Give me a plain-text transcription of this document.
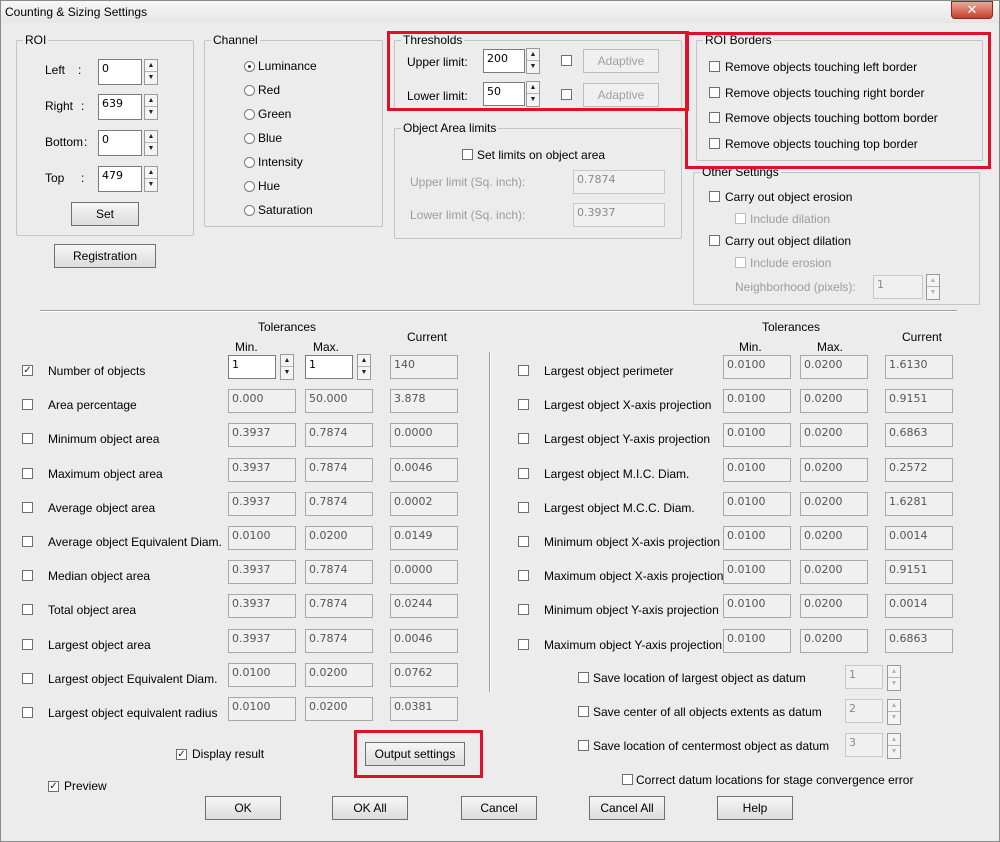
Counting & Sizing Settings	✕
ROI
Left :	0	▲
▼
Right :	639	▲
▼
Bottom :	0	▲
▼
Top :	479	▲
▼
Set
Registration
Channel
Luminance
Red
Green
Blue
Intensity
Hue
Saturation
Thresholds
Upper limit:	200	▲
▼	Adaptive
Lower limit:	50	▲
▼	Adaptive
Object Area limits
Set limits on object area
Upper limit (Sq. inch):	0.7874
Lower limit (Sq. inch):	0.3937
ROI Borders
Remove objects touching left border
Remove objects touching right border
Remove objects touching bottom border
Remove objects touching top border
Other Settings
Carry out object erosion
Include dilation
Carry out object dilation
Include erosion
Neighborhood (pixels):	1	▲
▼
Tolerances
Min.	Max.
Current
Tolerances
Min.	Max.
Current
✓ Number of objects	1	▲
▼
1	▲
▼
140
Area percentage	0.000	50.000	3.878
Minimum object area	0.3937	0.7874	0.0000
Maximum object area	0.3937	0.7874	0.0046
Average object area	0.3937	0.7874	0.0002
Average object Equivalent Diam. 0.0100	0.0200	0.0149
Median object area	0.3937	0.7874	0.0000
Total object area	0.3937	0.7874	0.0244
Largest object area	0.3937	0.7874	0.0046
Largest object Equivalent Diam.	0.0100	0.0200	0.0762
Largest object equivalent radius	0.0100	0.0200	0.0381
Largest object perimeter	0.0100	0.0200	1.6130
Largest object X-axis projection	0.0100	0.0200	0.9151
Largest object Y-axis projection	0.0100	0.0200	0.6863
Largest object M.I.C. Diam.	0.0100	0.0200	0.2572
Largest object M.C.C. Diam.	0.0100	0.0200	1.6281
Minimum object X-axis projection 0.0100	0.0200	0.0014
Maximum object X-axis projection 0.0100	0.0200	0.9151
Minimum object Y-axis projection 0.0100	0.0200	0.0014
Maximum object Y-axis projection 0.0100	0.0200	0.6863
Save location of largest object as datum	1	▲
▼
Save center of all objects extents as datum	2	▲
▼
Save location of centermost object as datum	3	▲
▼
Correct datum locations for stage convergence error
✓ Display result
✓ Preview
Output settings
OK	OK All	Cancel	Cancel All	Help
